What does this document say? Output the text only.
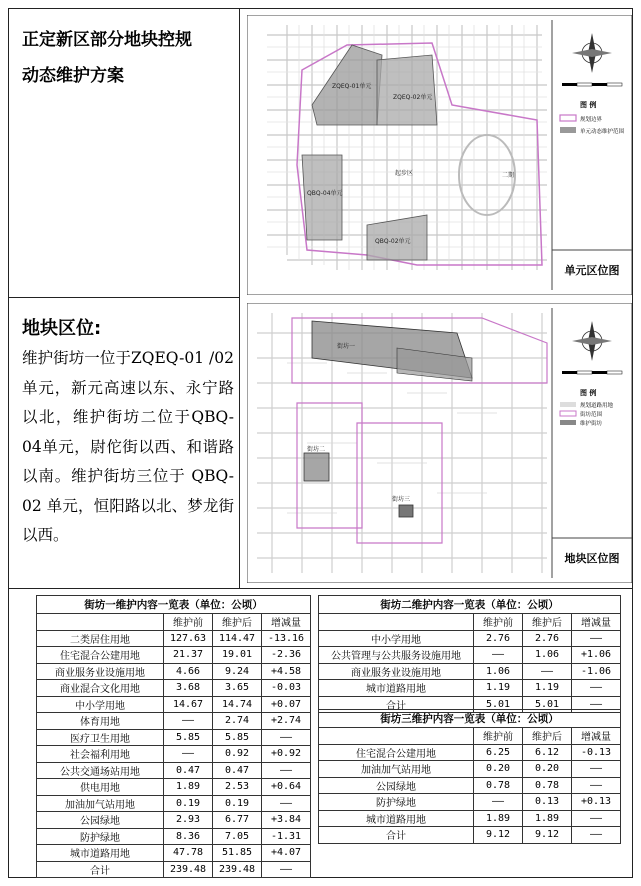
正定新区部分地块控规
动态维护方案
地块区位:
维护街坊一位于ZQEQ-01 /02单元，新元高速以东、永宁路以北，维护街坊二位于QBQ-04单元，尉佗街以西、和谐路以南。维护街坊三位于 QBQ-02 单元，恒阳路以北、梦龙街以西。
ZQEQ-01单元
ZQEQ-02单元
QBQ-04单元
QBQ-02单元
起步区	二期
图 例
规划边界
单元动态维护范围
单元区位图
街坊一
街坊二
街坊三
图 例
规划道路用地
街坊范围
维护街坊
地块区位图
街坊一维护内容一览表（单位：公顷）			
	维护前	维护后	增减量
二类居住用地	127.63	114.47	-13.16
住宅混合公建用地	21.37	19.01	-2.36
商业服务业设施用地	4.66	9.24	+4.58
商业混合文化用地	3.68	3.65	-0.03
中小学用地	14.67	14.74	+0.07
体育用地	——	2.74	+2.74
医疗卫生用地	5.85	5.85	——
社会福利用地	——	0.92	+0.92
公共交通场站用地	0.47	0.47	——
供电用地	1.89	2.53	+0.64
加油加气站用地	0.19	0.19	——
公园绿地	2.93	6.77	+3.84
防护绿地	8.36	7.05	-1.31
城市道路用地	47.78	51.85	+4.07
合计	239.48	239.48	——
街坊二维护内容一览表（单位：公顷）			
	维护前	维护后	增减量
中小学用地	2.76	2.76	——
公共管理与公共服务设施用地	——	1.06	+1.06
商业服务业设施用地	1.06	——	-1.06
城市道路用地	1.19	1.19	——
合计	5.01	5.01	——
街坊三维护内容一览表（单位：公顷）			
	维护前	维护后	增减量
住宅混合公建用地	6.25	6.12	-0.13
加油加气站用地	0.20	0.20	——
公园绿地	0.78	0.78	——
防护绿地	——	0.13	+0.13
城市道路用地	1.89	1.89	——
合计	9.12	9.12	——
